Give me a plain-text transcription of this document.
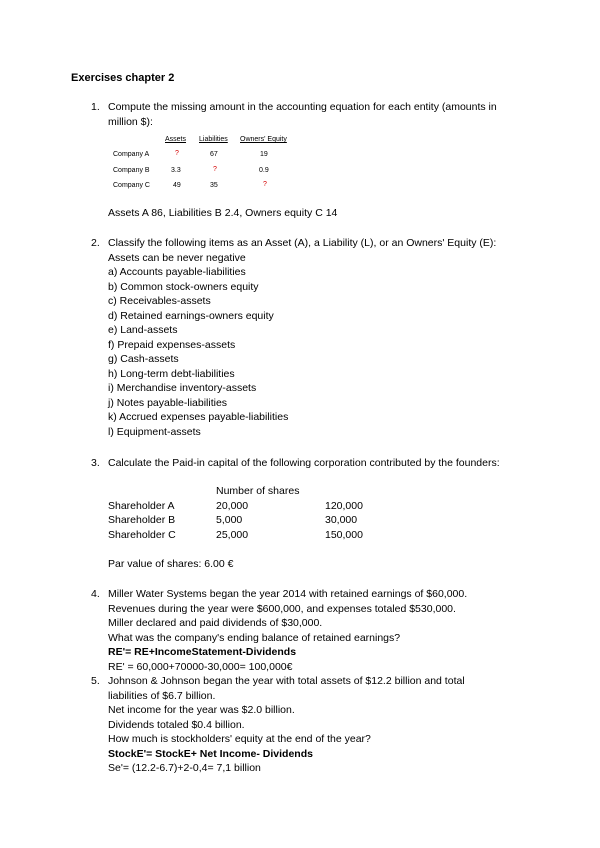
Exercises chapter 2
1. Compute the missing amount in the accounting equation for each entity (amounts in
million $):
Assets Liabilities Owners' Equity
Company A	?	67	19
Company B	3.3	?	0.9
Company C	49	35	?
Assets A 86, Liabilities B 2.4, Owners equity C 14
2. Classify the following items as an Asset (A), a Liability (L), or an Owners' Equity (E):
Assets can be never negative
a) Accounts payable-liabilities
b) Common stock-owners equity
c) Receivables-assets
d) Retained earnings-owners equity
e) Land-assets
f) Prepaid expenses-assets
g) Cash-assets
h) Long-term debt-liabilities
i) Merchandise inventory-assets
j) Notes payable-liabilities
k) Accrued expenses payable-liabilities
l) Equipment-assets
3. Calculate the Paid-in capital of the following corporation contributed by the founders:
Number of shares
Shareholder A	20,000	120,000
Shareholder B	5,000	30,000
Shareholder C	25,000	150,000
Par value of shares: 6.00 €
4. Miller Water Systems began the year 2014 with retained earnings of $60,000.
Revenues during the year were $600,000, and expenses totaled $530,000.
Miller declared and paid dividends of $30,000.
What was the company's ending balance of retained earnings?
RE'= RE+IncomeStatement-Dividends
RE' = 60,000+70000-30,000= 100,000€
5. Johnson & Johnson began the year with total assets of $12.2 billion and total
liabilities of $6.7 billion.
Net income for the year was $2.0 billion.
Dividends totaled $0.4 billion.
How much is stockholders' equity at the end of the year?
StockE'= StockE+ Net Income- Dividends
Se'= (12.2-6.7)+2-0,4= 7,1 billion
